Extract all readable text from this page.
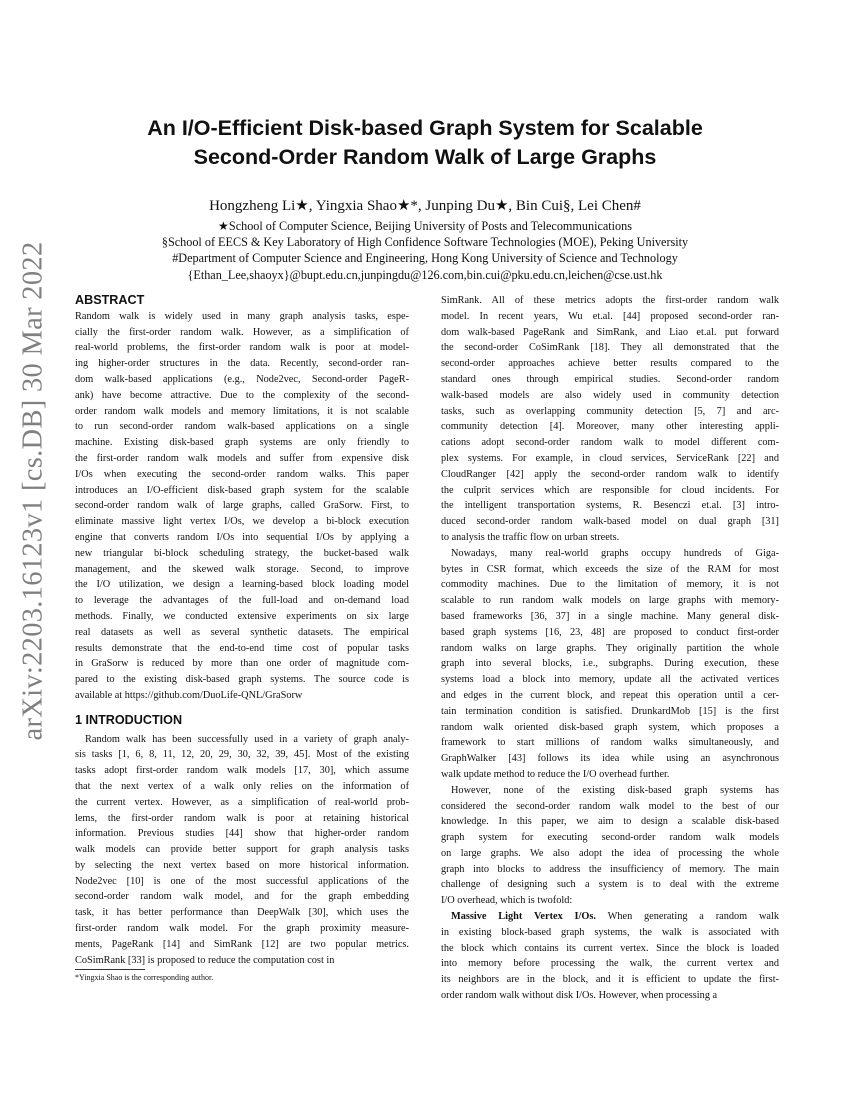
arXiv:2203.16123v1 [cs.DB] 30 Mar 2022
An I/O-Efficient Disk-based Graph System for Scalable
Second-Order Random Walk of Large Graphs
Hongzheng Li★, Yingxia Shao★*, Junping Du★, Bin Cui§, Lei Chen#
★School of Computer Science, Beijing University of Posts and Telecommunications
§School of EECS & Key Laboratory of High Confidence Software Technologies (MOE), Peking University
#Department of Computer Science and Engineering, Hong Kong University of Science and Technology
{Ethan_Lee,shaoyx}@bupt.edu.cn,junpingdu@126.com,bin.cui@pku.edu.cn,leichen@cse.ust.hk
ABSTRACT
Random walk is widely used in many graph analysis tasks, espe-
cially the first-order random walk. However, as a simplification of
real-world problems, the first-order random walk is poor at model-
ing higher-order structures in the data. Recently, second-order ran-
dom walk-based applications (e.g., Node2vec, Second-order PageR-
ank) have become attractive. Due to the complexity of the second-
order random walk models and memory limitations, it is not scalable
to run second-order random walk-based applications on a single
machine. Existing disk-based graph systems are only friendly to
the first-order random walk models and suffer from expensive disk
I/Os when executing the second-order random walks. This paper
introduces an I/O-efficient disk-based graph system for the scalable
second-order random walk of large graphs, called GraSorw. First, to
eliminate massive light vertex I/Os, we develop a bi-block execution
engine that converts random I/Os into sequential I/Os by applying a
new triangular bi-block scheduling strategy, the bucket-based walk
management, and the skewed walk storage. Second, to improve
the I/O utilization, we design a learning-based block loading model
to leverage the advantages of the full-load and on-demand load
methods. Finally, we conducted extensive experiments on six large
real datasets as well as several synthetic datasets. The empirical
results demonstrate that the end-to-end time cost of popular tasks
in GraSorw is reduced by more than one order of magnitude com-
pared to the existing disk-based graph systems. The source code is
available at https://github.com/DuoLife-QNL/GraSorw
1 INTRODUCTION
Random walk has been successfully used in a variety of graph analy-
sis tasks [1, 6, 8, 11, 12, 20, 29, 30, 32, 39, 45]. Most of the existing
tasks adopt first-order random walk models [17, 30], which assume
that the next vertex of a walk only relies on the information of
the current vertex. However, as a simplification of real-world prob-
lems, the first-order random walk is poor at retaining historical
information. Previous studies [44] show that higher-order random
walk models can provide better support for graph analysis tasks
by selecting the next vertex based on more historical information.
Node2vec [10] is one of the most successful applications of the
second-order random walk model, and for the graph embedding
task, it has better performance than DeepWalk [30], which uses the
first-order random walk model. For the graph proximity measure-
ments, PageRank [14] and SimRank [12] are two popular metrics.
CoSimRank [33] is proposed to reduce the computation cost in
*Yingxia Shao is the corresponding author.
SimRank. All of these metrics adopts the first-order random walk
model. In recent years, Wu et.al. [44] proposed second-order ran-
dom walk-based PageRank and SimRank, and Liao et.al. put forward
the second-order CoSimRank [18]. They all demonstrated that the
second-order approaches achieve better results compared to the
standard ones through empirical studies. Second-order random
walk-based models are also widely used in community detection
tasks, such as overlapping community detection [5, 7] and arc-
community detection [4]. Moreover, many other interesting appli-
cations adopt second-order random walk to model different com-
plex systems. For example, in cloud services, ServiceRank [22] and
CloudRanger [42] apply the second-order random walk to identify
the culprit services which are responsible for cloud incidents. For
the intelligent transportation systems, R. Besenczi et.al. [3] intro-
duced second-order random walk-based model on dual graph [31]
to analysis the traffic flow on urban streets.
Nowadays, many real-world graphs occupy hundreds of Giga-
bytes in CSR format, which exceeds the size of the RAM for most
commodity machines. Due to the limitation of memory, it is not
scalable to run random walk models on large graphs with memory-
based frameworks [36, 37] in a single machine. Many general disk-
based graph systems [16, 23, 48] are proposed to conduct first-order
random walks on large graphs. They originally partition the whole
graph into several blocks, i.e., subgraphs. During execution, these
systems load a block into memory, update all the activated vertices
and edges in the current block, and repeat this operation until a cer-
tain termination condition is satisfied. DrunkardMob [15] is the first
random walk oriented disk-based graph system, which proposes a
framework to start millions of random walks simultaneously, and
GraphWalker [43] follows its idea while using an asynchronous
walk update method to reduce the I/O overhead further.
However, none of the existing disk-based graph systems has
considered the second-order random walk model to the best of our
knowledge. In this paper, we aim to design a scalable disk-based
graph system for executing second-order random walk models
on large graphs. We also adopt the idea of processing the whole
graph into blocks to address the insufficiency of memory. The main
challenge of designing such a system is to deal with the extreme
I/O overhead, which is twofold:
Massive Light Vertex I/Os. When generating a random walk
in existing block-based graph systems, the walk is associated with
the block which contains its current vertex. Since the block is loaded
into memory before processing the walk, the current vertex and
its neighbors are in the block, and it is efficient to update the first-
order random walk without disk I/Os. However, when processing a
